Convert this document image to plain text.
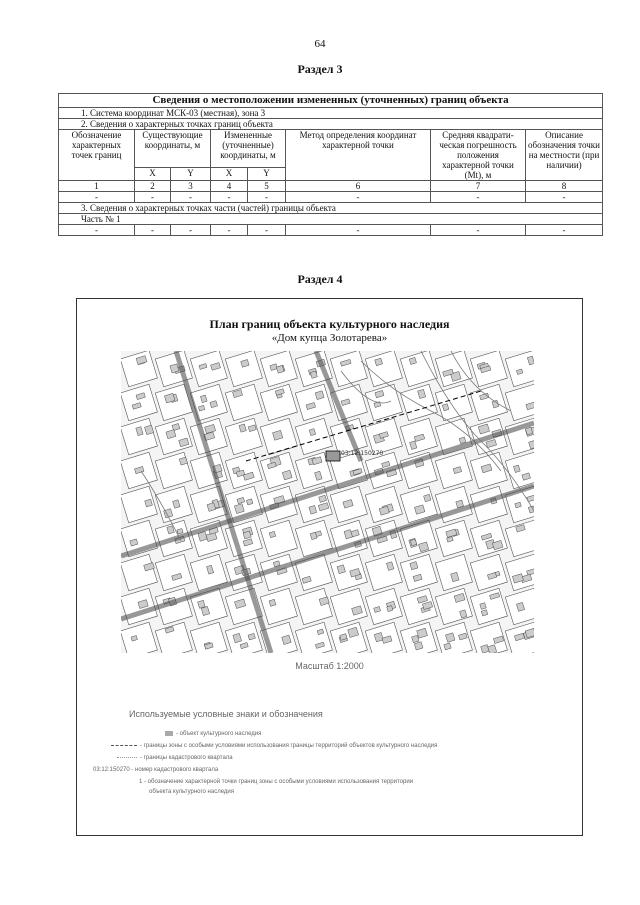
64
Раздел 3
Сведения о местоположении измененных (уточненных) границ объекта							
1. Система координат МСК-03 (местная), зона 3							
2. Сведения о характерных точках границ объекта							
Обозначение характерных точек границ	Существующие координаты, м		Измененные (уточненные) координаты, м		Метод определения координат характерной точки	Средняя квадрати-ческая погрешность положения характерной точки (Mt), м	Описание обозначения точки на местности (при наличии)
	X	Y	X	Y			
1	2	3	4	5	6	7	8
-	-	-	-	-	-	-	-
3. Сведения о характерных точках части (частей) границы объекта							
Часть № 1							
-	-	-	-	-	-	-	-
Раздел 4
План границ объекта культурного наследия
«Дом купца Золотарева»
03:12:150270
Масштаб 1:2000
Используемые условные знаки и обозначения
- объект культурного наследия
- границы зоны с особыми условиями использования границы территорий объектов культурного наследия
- границы кадастрового квартала
03:12:150270 - номер кадастрового квартала
1 - обозначение характерной точки границ зоны с особыми условиями использования территории
объекта культурного наследия
